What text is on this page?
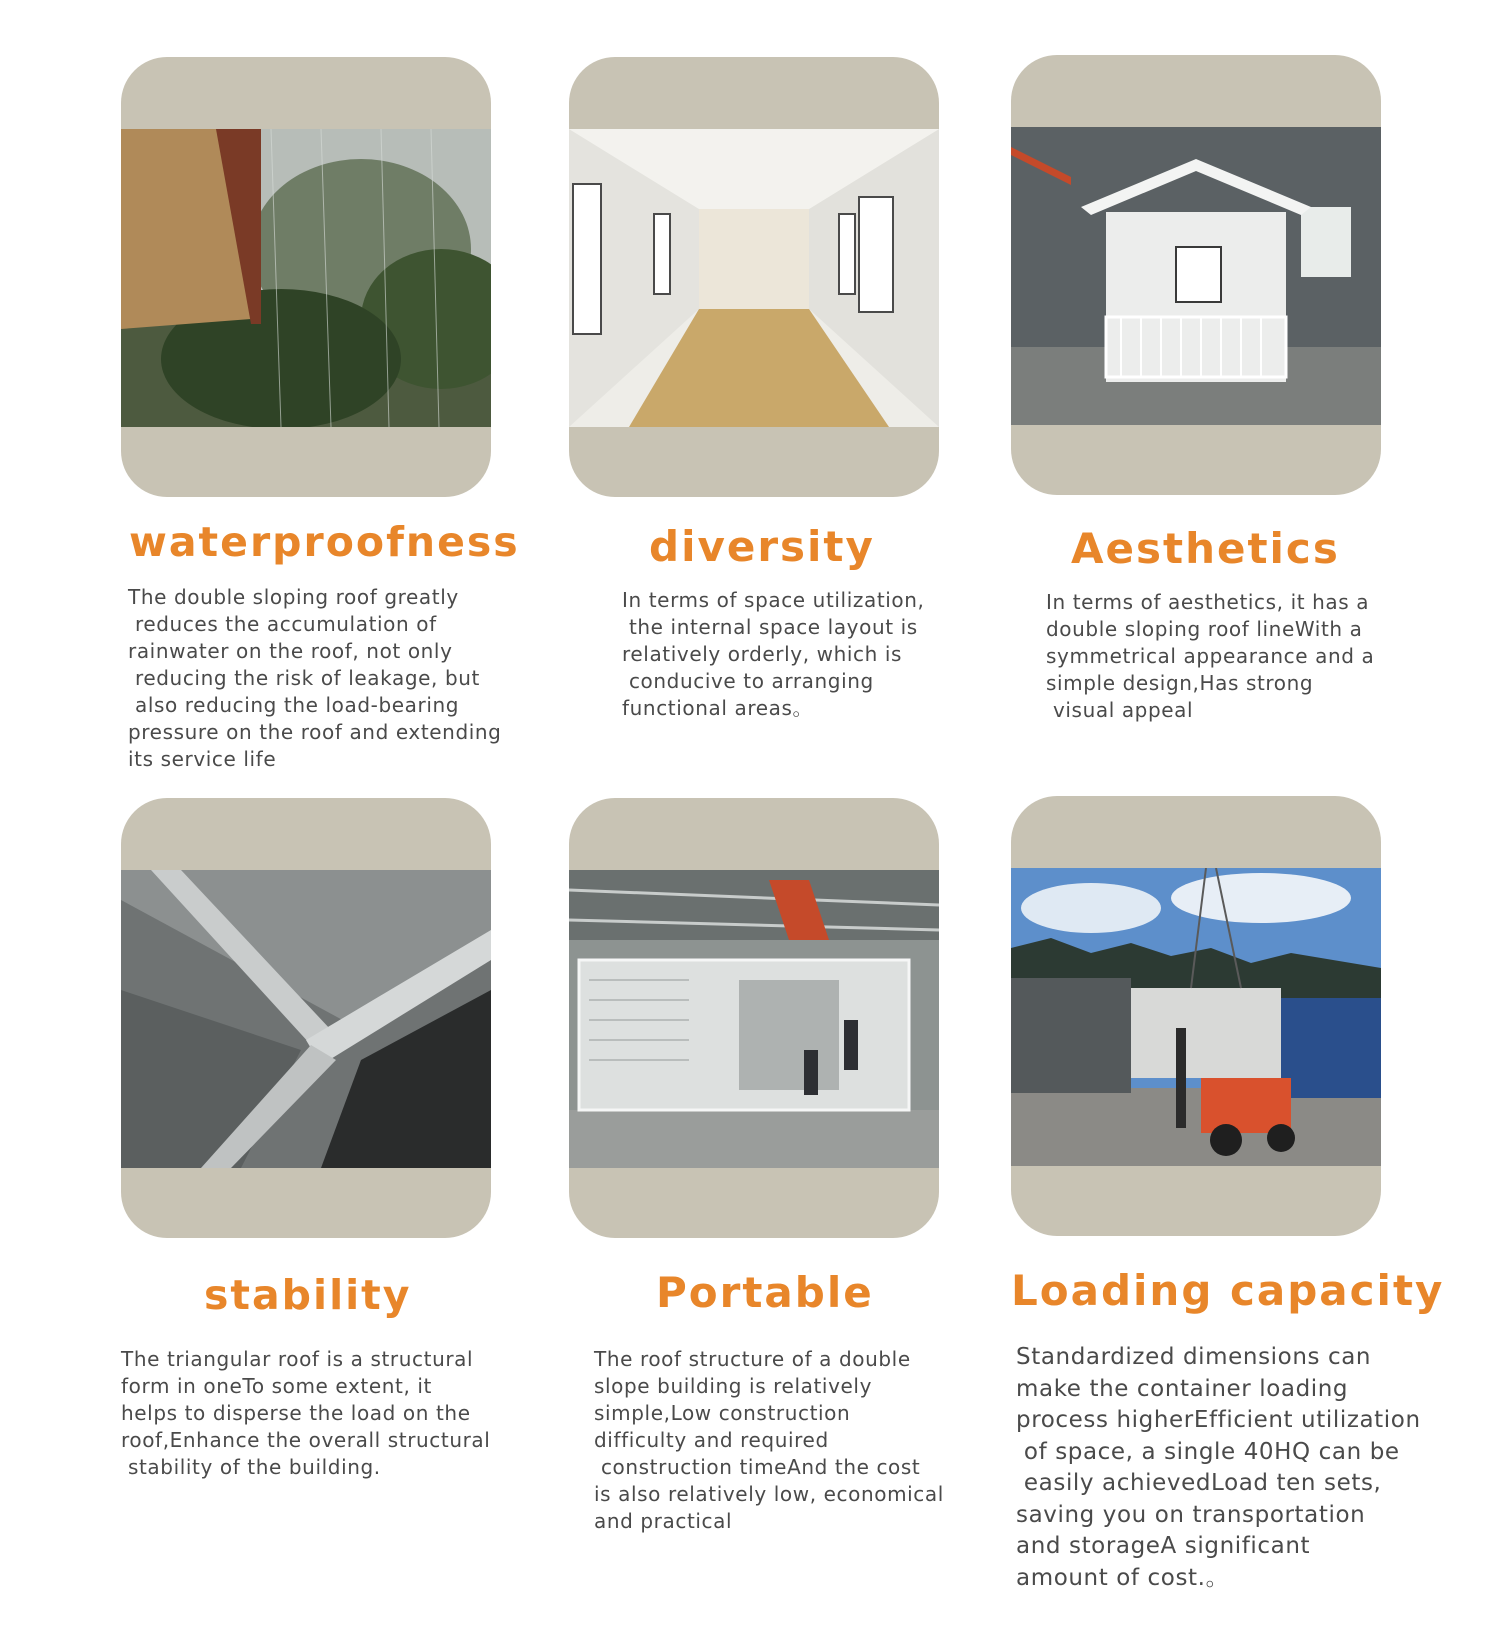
waterproofness
The double sloping roof greatly
reduces the accumulation of
rainwater on the roof, not only
reducing the risk of leakage, but
also reducing the load-bearing
pressure on the roof and extending
its service life
diversity
In terms of space utilization,
the internal space layout is
relatively orderly, which is
conducive to arranging
functional areas。
Aesthetics
In terms of aesthetics, it has a
double sloping roof lineWith a
symmetrical appearance and a
simple design,Has strong
visual appeal
stability
The triangular roof is a structural
form in oneTo some extent, it
helps to disperse the load on the
roof,Enhance the overall structural
stability of the building.
Portable
The roof structure of a double
slope building is relatively
simple,Low construction
difficulty and required
construction timeAnd the cost
is also relatively low, economical
and practical
Loading capacity
Standardized dimensions can
make the container loading
process higherEfficient utilization
of space, a single 40HQ can be
easily achievedLoad ten sets,
saving you on transportation
and storageA significant
amount of cost.。
